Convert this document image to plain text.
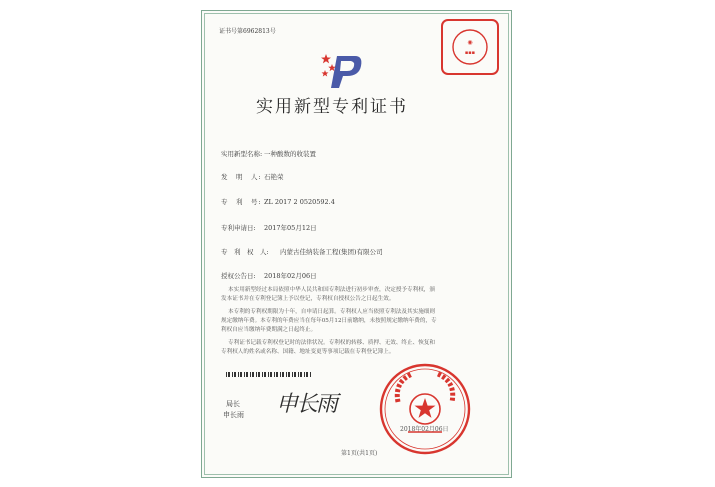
证书号第6962813号
◉
▪▪▪
实用新型专利证书
实用新型名称: 一种酸数的收装置
发　明　人: 石艳荣
专　利　号: ZL 2017 2 0520592.4
专利申请日: 2017年05月12日
专　利　权　人: 内蒙古佳纳装备工程(集团)有限公司
授权公告日: 2018年02月06日
本实用新型经过本局依照中华人民共和国专利法进行初步审查，决定授予专利权，颁
发本证书并在专利登记簿上予以登记，专利权自授权公告之日起生效。
本专利的专利权期限为十年，自申请日起算。专利权人应当依照专利法及其实施细则
规定缴纳年费。本专利的年费应当在每年05月12日前缴纳，未按照规定缴纳年费的，专
利权自应当缴纳年费期满之日起终止。
专利证书记载专利权登记时的法律状况。专利权的转移、质押、无效、终止、恢复和
专利权人的姓名或名称、国籍、地址变更等事项记载在专利登记簿上。
局长
申长雨 申长雨
2018年02月06日
第1页(共1页)
